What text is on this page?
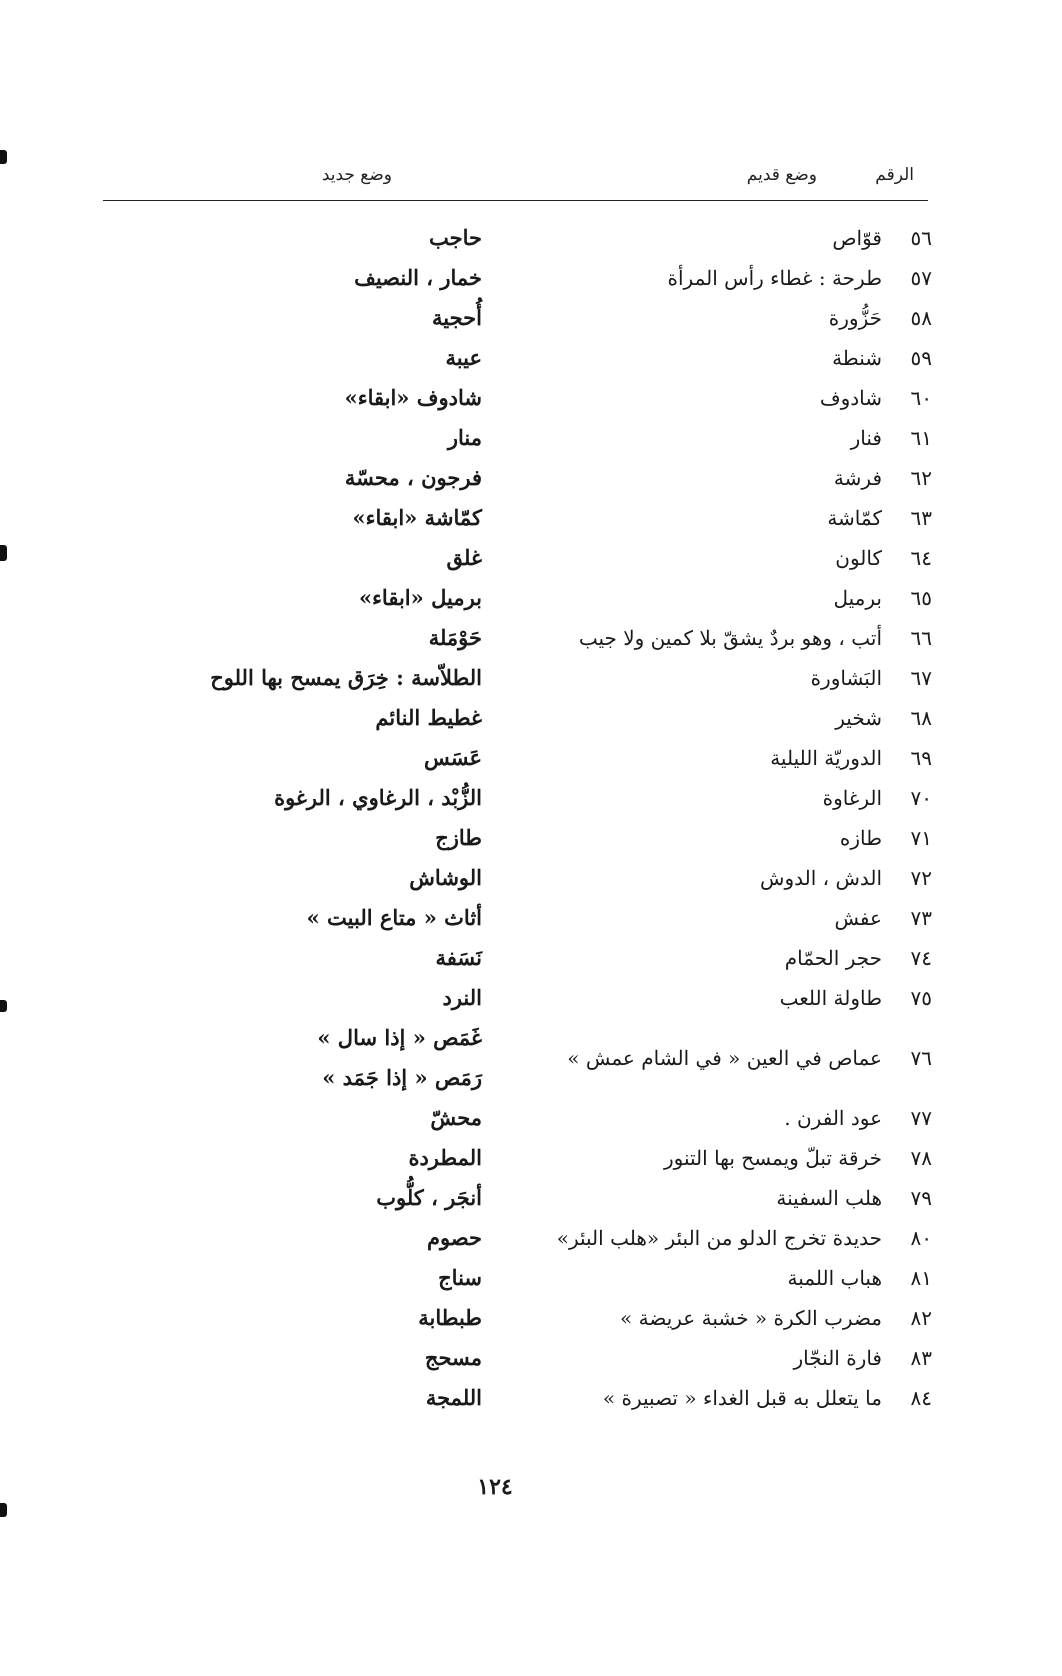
الرقم
وضع قديم
وضع جديد
٥٦
قوّاص
حاجب
٥٧
طرحة : غطاء رأس المرأة
خمار ، النصيف
٥٨
حَزُّورة
أُحجية
٥٩
شنطة
عيبة
٦٠
شادوف
شادوف «ابقاء»
٦١
فنار
منار
٦٢
فرشة
فرجون ، محسّة
٦٣
كمّاشة
كمّاشة «ابقاء»
٦٤
كالون
غلق
٦٥
برميل
برميل «ابقاء»
٦٦
أتب ، وهو بردٌ يشقّ بلا كمين ولا جيب
حَوْمَلة
٦٧
البَشاورة
الطلاّسة : خِرَق يمسح بها اللوح
٦٨
شخير
غطيط النائم
٦٩
الدوريّة الليلية
عَسَس
٧٠
الرغاوة
الزُّبْد ، الرغاوي ، الرغوة
٧١
طازه
طازج
٧٢
الدش ، الدوش
الوشاش
٧٣
عفش
أثاث « متاع البيت »
٧٤
حجر الحمّام
نَسَفة
٧٥
طاولة اللعب
النرد
٧٦
عماص في العين « في الشام عمش »
غَمَص « إذا سال »
رَمَص « إذا جَمَد »
٧٧
عود الفرن .
محشّ
٧٨
خرقة تبلّ ويمسح بها التنور
المطردة
٧٩
هلب السفينة
أنجَر ، كلُّوب
٨٠
حديدة تخرج الدلو من البئر «هلب البئر»
حصوم
٨١
هباب اللمبة
سناج
٨٢
مضرب الكرة « خشبة عريضة »
طبطابة
٨٣
فارة النجّار
مسحج
٨٤
ما يتعلل به قبل الغداء « تصبيرة »
اللمجة
١٢٤
